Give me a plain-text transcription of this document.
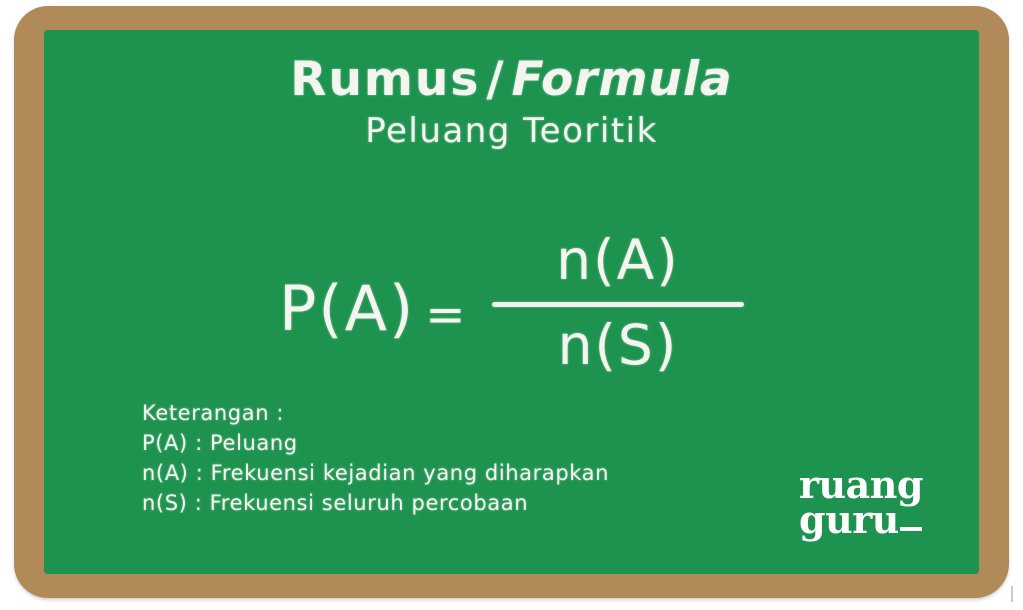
Rumus / Formula
Peluang Teoritik
P(A) =
n(A)
n(S)
Keterangan :
P(A) : Peluang
n(A) : Frekuensi kejadian yang diharapkan
n(S) : Frekuensi seluruh percobaan	ruang
guru
